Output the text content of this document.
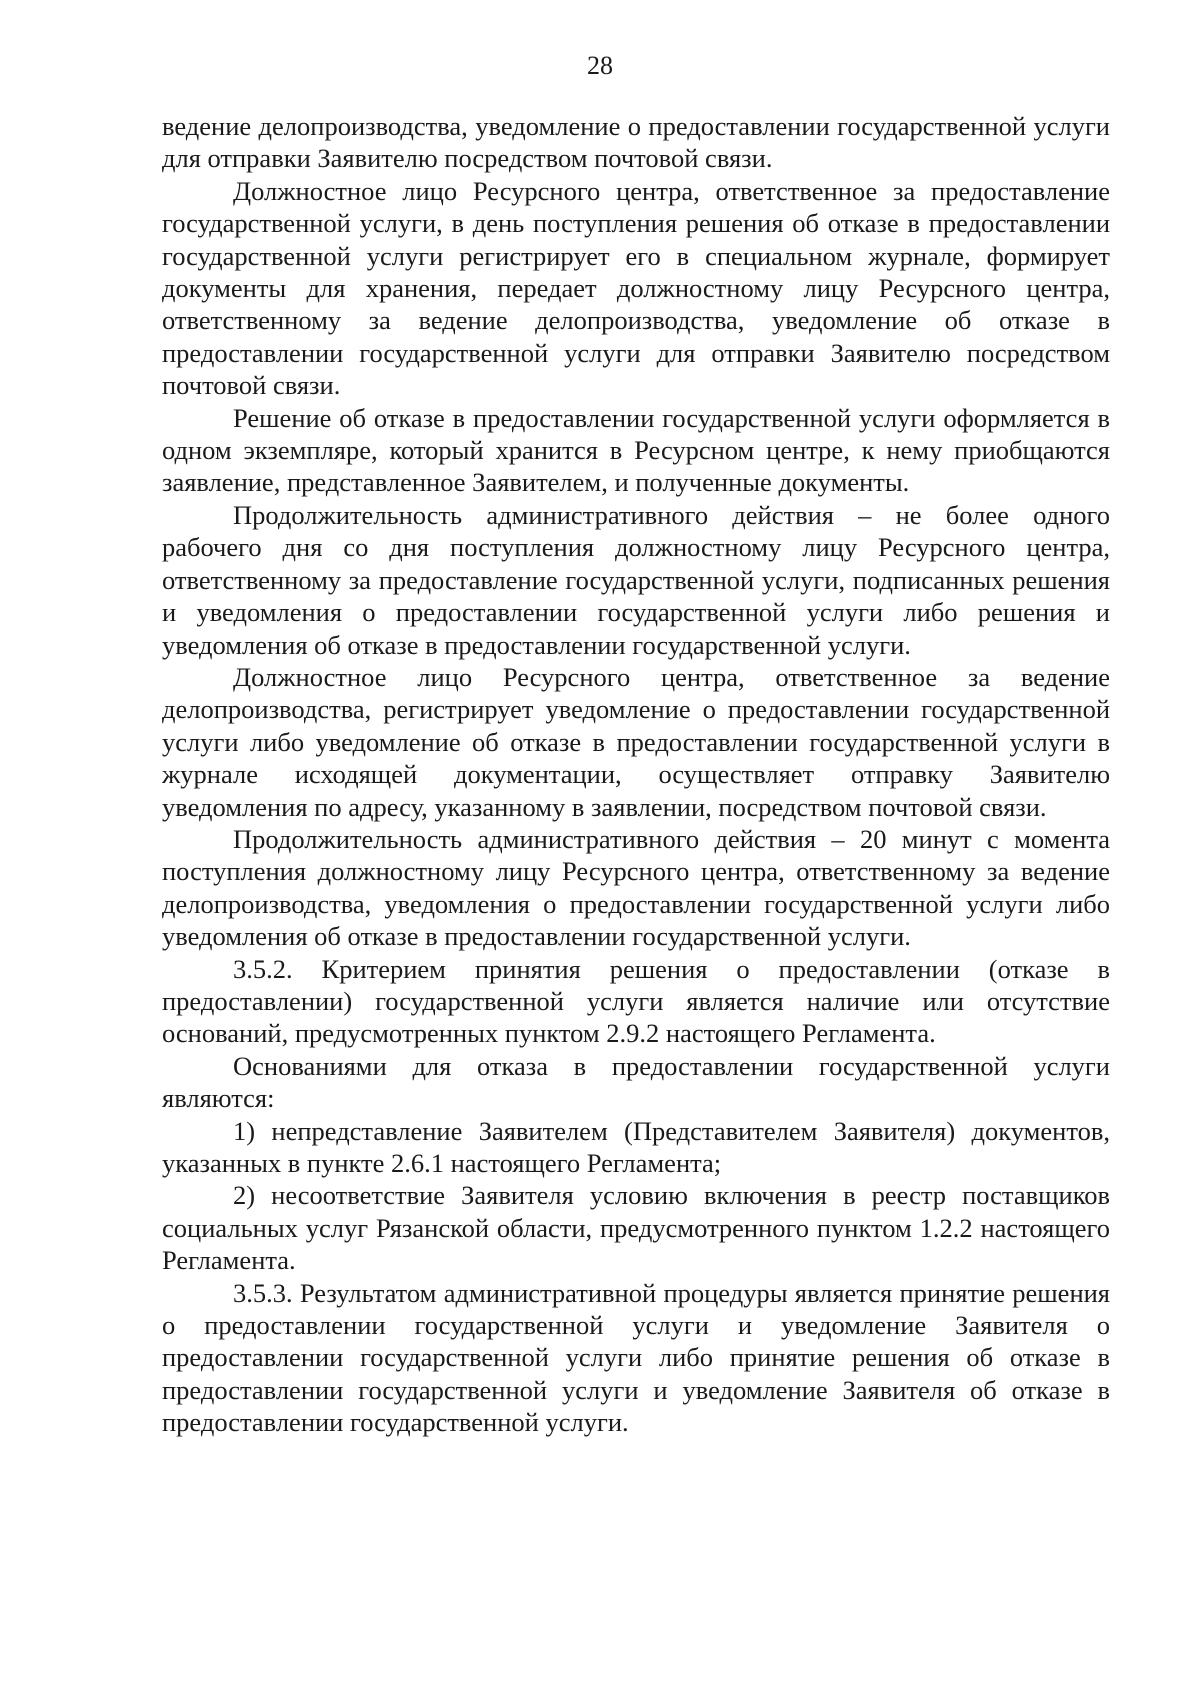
28

ведение делопроизводства, уведомление о предоставлении государственной услуги для отправки Заявителю посредством почтовой связи.

Должностное лицо Ресурсного центра, ответственное за предоставление государственной услуги, в день поступления решения об отказе в предоставлении государственной услуги регистрирует его в специальном журнале, формирует документы для хранения, передает должностному лицу Ресурсного центра, ответственному за ведение делопроизводства, уведомление об отказе в предоставлении государственной услуги для отправки Заявителю посредством почтовой связи.

Решение об отказе в предоставлении государственной услуги оформляется в одном экземпляре, который хранится в Ресурсном центре, к нему приобщаются заявление, представленное Заявителем, и полученные документы.

Продолжительность административного действия – не более одного рабочего дня со дня поступления должностному лицу Ресурсного центра, ответственному за предоставление государственной услуги, подписанных решения и уведомления о предоставлении государственной услуги либо решения и уведомления об отказе в предоставлении государственной услуги.

Должностное лицо Ресурсного центра, ответственное за ведение делопроизводства, регистрирует уведомление о предоставлении государственной услуги либо уведомление об отказе в предоставлении государственной услуги в журнале исходящей документации, осуществляет отправку Заявителю уведомления по адресу, указанному в заявлении, посредством почтовой связи.

Продолжительность административного действия – 20 минут с момента поступления должностному лицу Ресурсного центра, ответственному за ведение делопроизводства, уведомления о предоставлении государственной услуги либо уведомления об отказе в предоставлении государственной услуги.

3.5.2. Критерием принятия решения о предоставлении (отказе в предоставлении) государственной услуги является наличие или отсутствие оснований, предусмотренных пунктом 2.9.2 настоящего Регламента.

Основаниями для отказа в предоставлении государственной услуги являются:

1) непредставление Заявителем (Представителем Заявителя) документов, указанных в пункте 2.6.1 настоящего Регламента;

2) несоответствие Заявителя условию включения в реестр поставщиков социальных услуг Рязанской области, предусмотренного пунктом 1.2.2 настоящего Регламента.

3.5.3. Результатом административной процедуры является принятие решения о предоставлении государственной услуги и уведомление Заявителя о предоставлении государственной услуги либо принятие решения об отказе в предоставлении государственной услуги и уведомление Заявителя об отказе в предоставлении государственной услуги.
